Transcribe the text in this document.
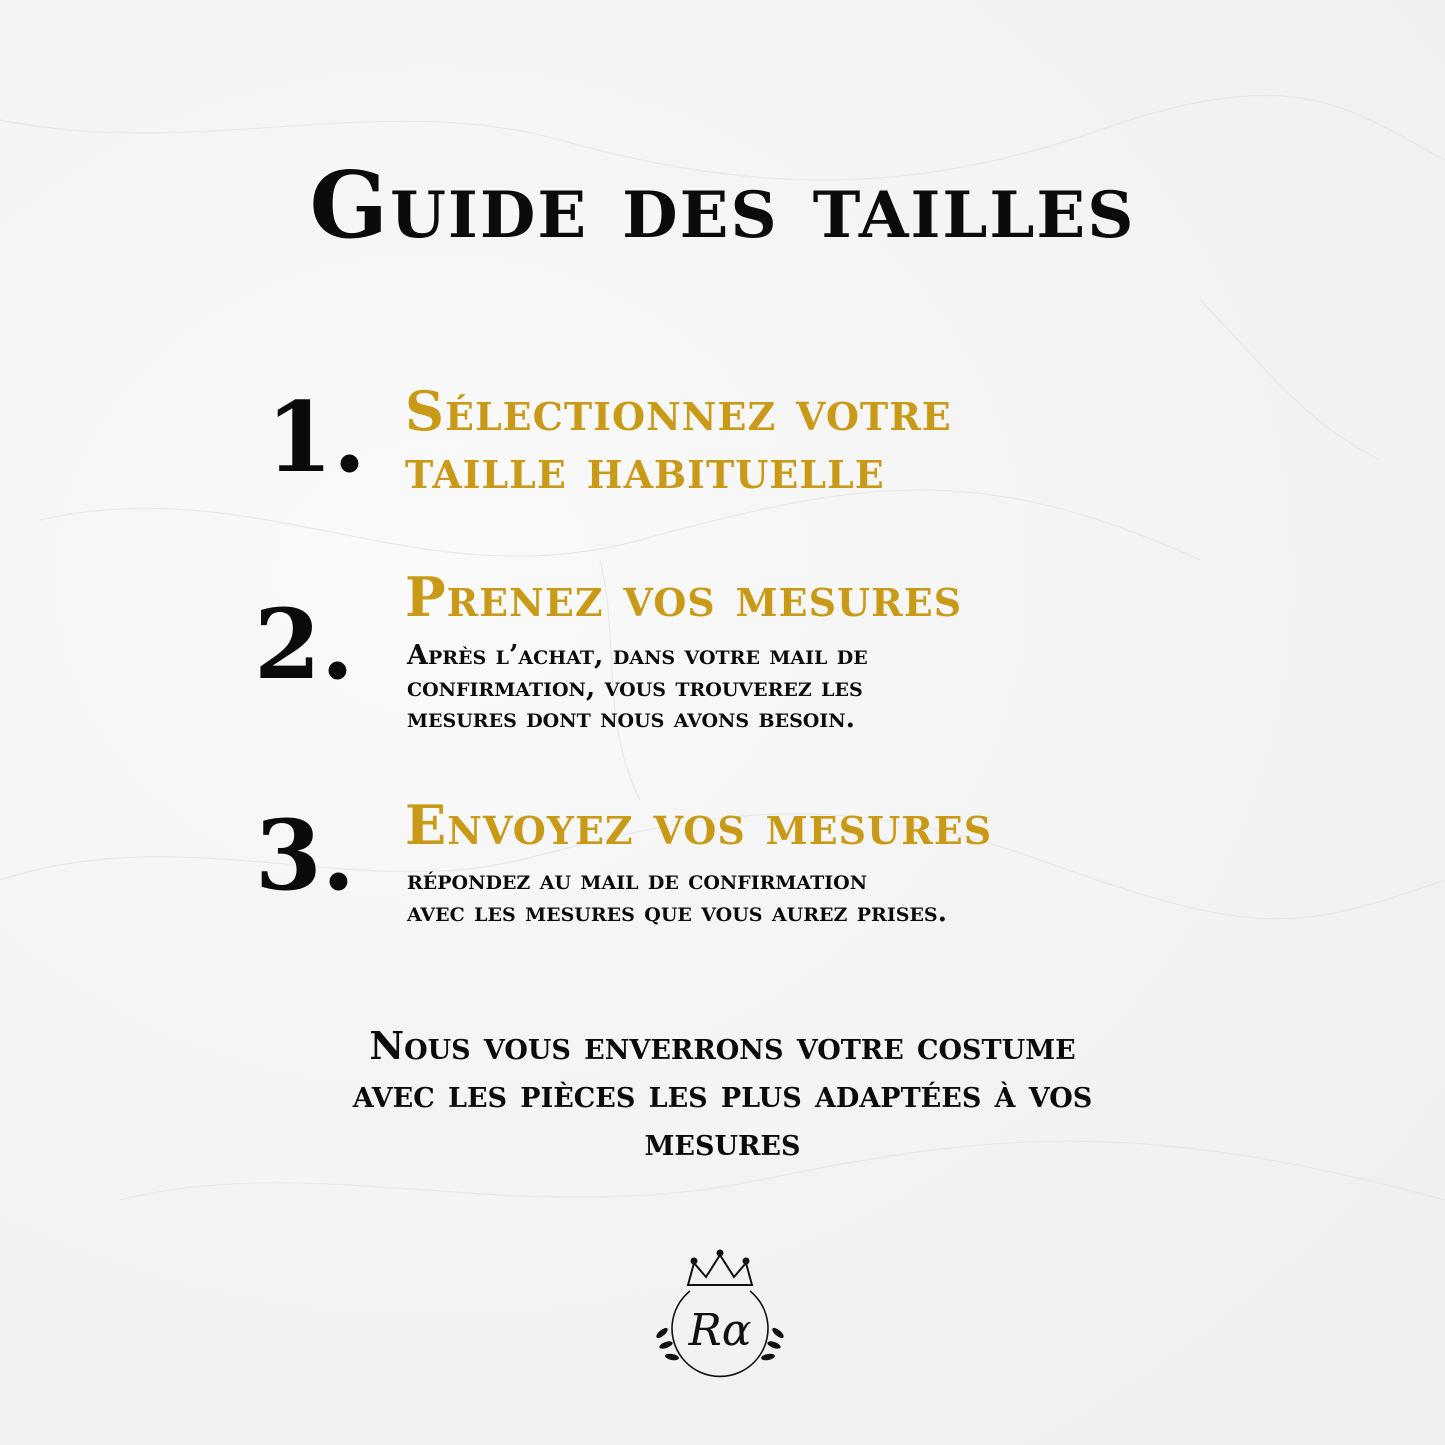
Guide des tailles
1. Sélectionnez votre
taille habituelle
2. Prenez vos mesures
Après l’achat, dans votre mail de
confirmation, vous trouverez les
mesures dont nous avons besoin.
3. Envoyez vos mesures
répondez au mail de confirmation
avec les mesures que vous aurez prises.
Nous vous enverrons votre costume
avec les pièces les plus adaptées à vos
mesures
Rα
